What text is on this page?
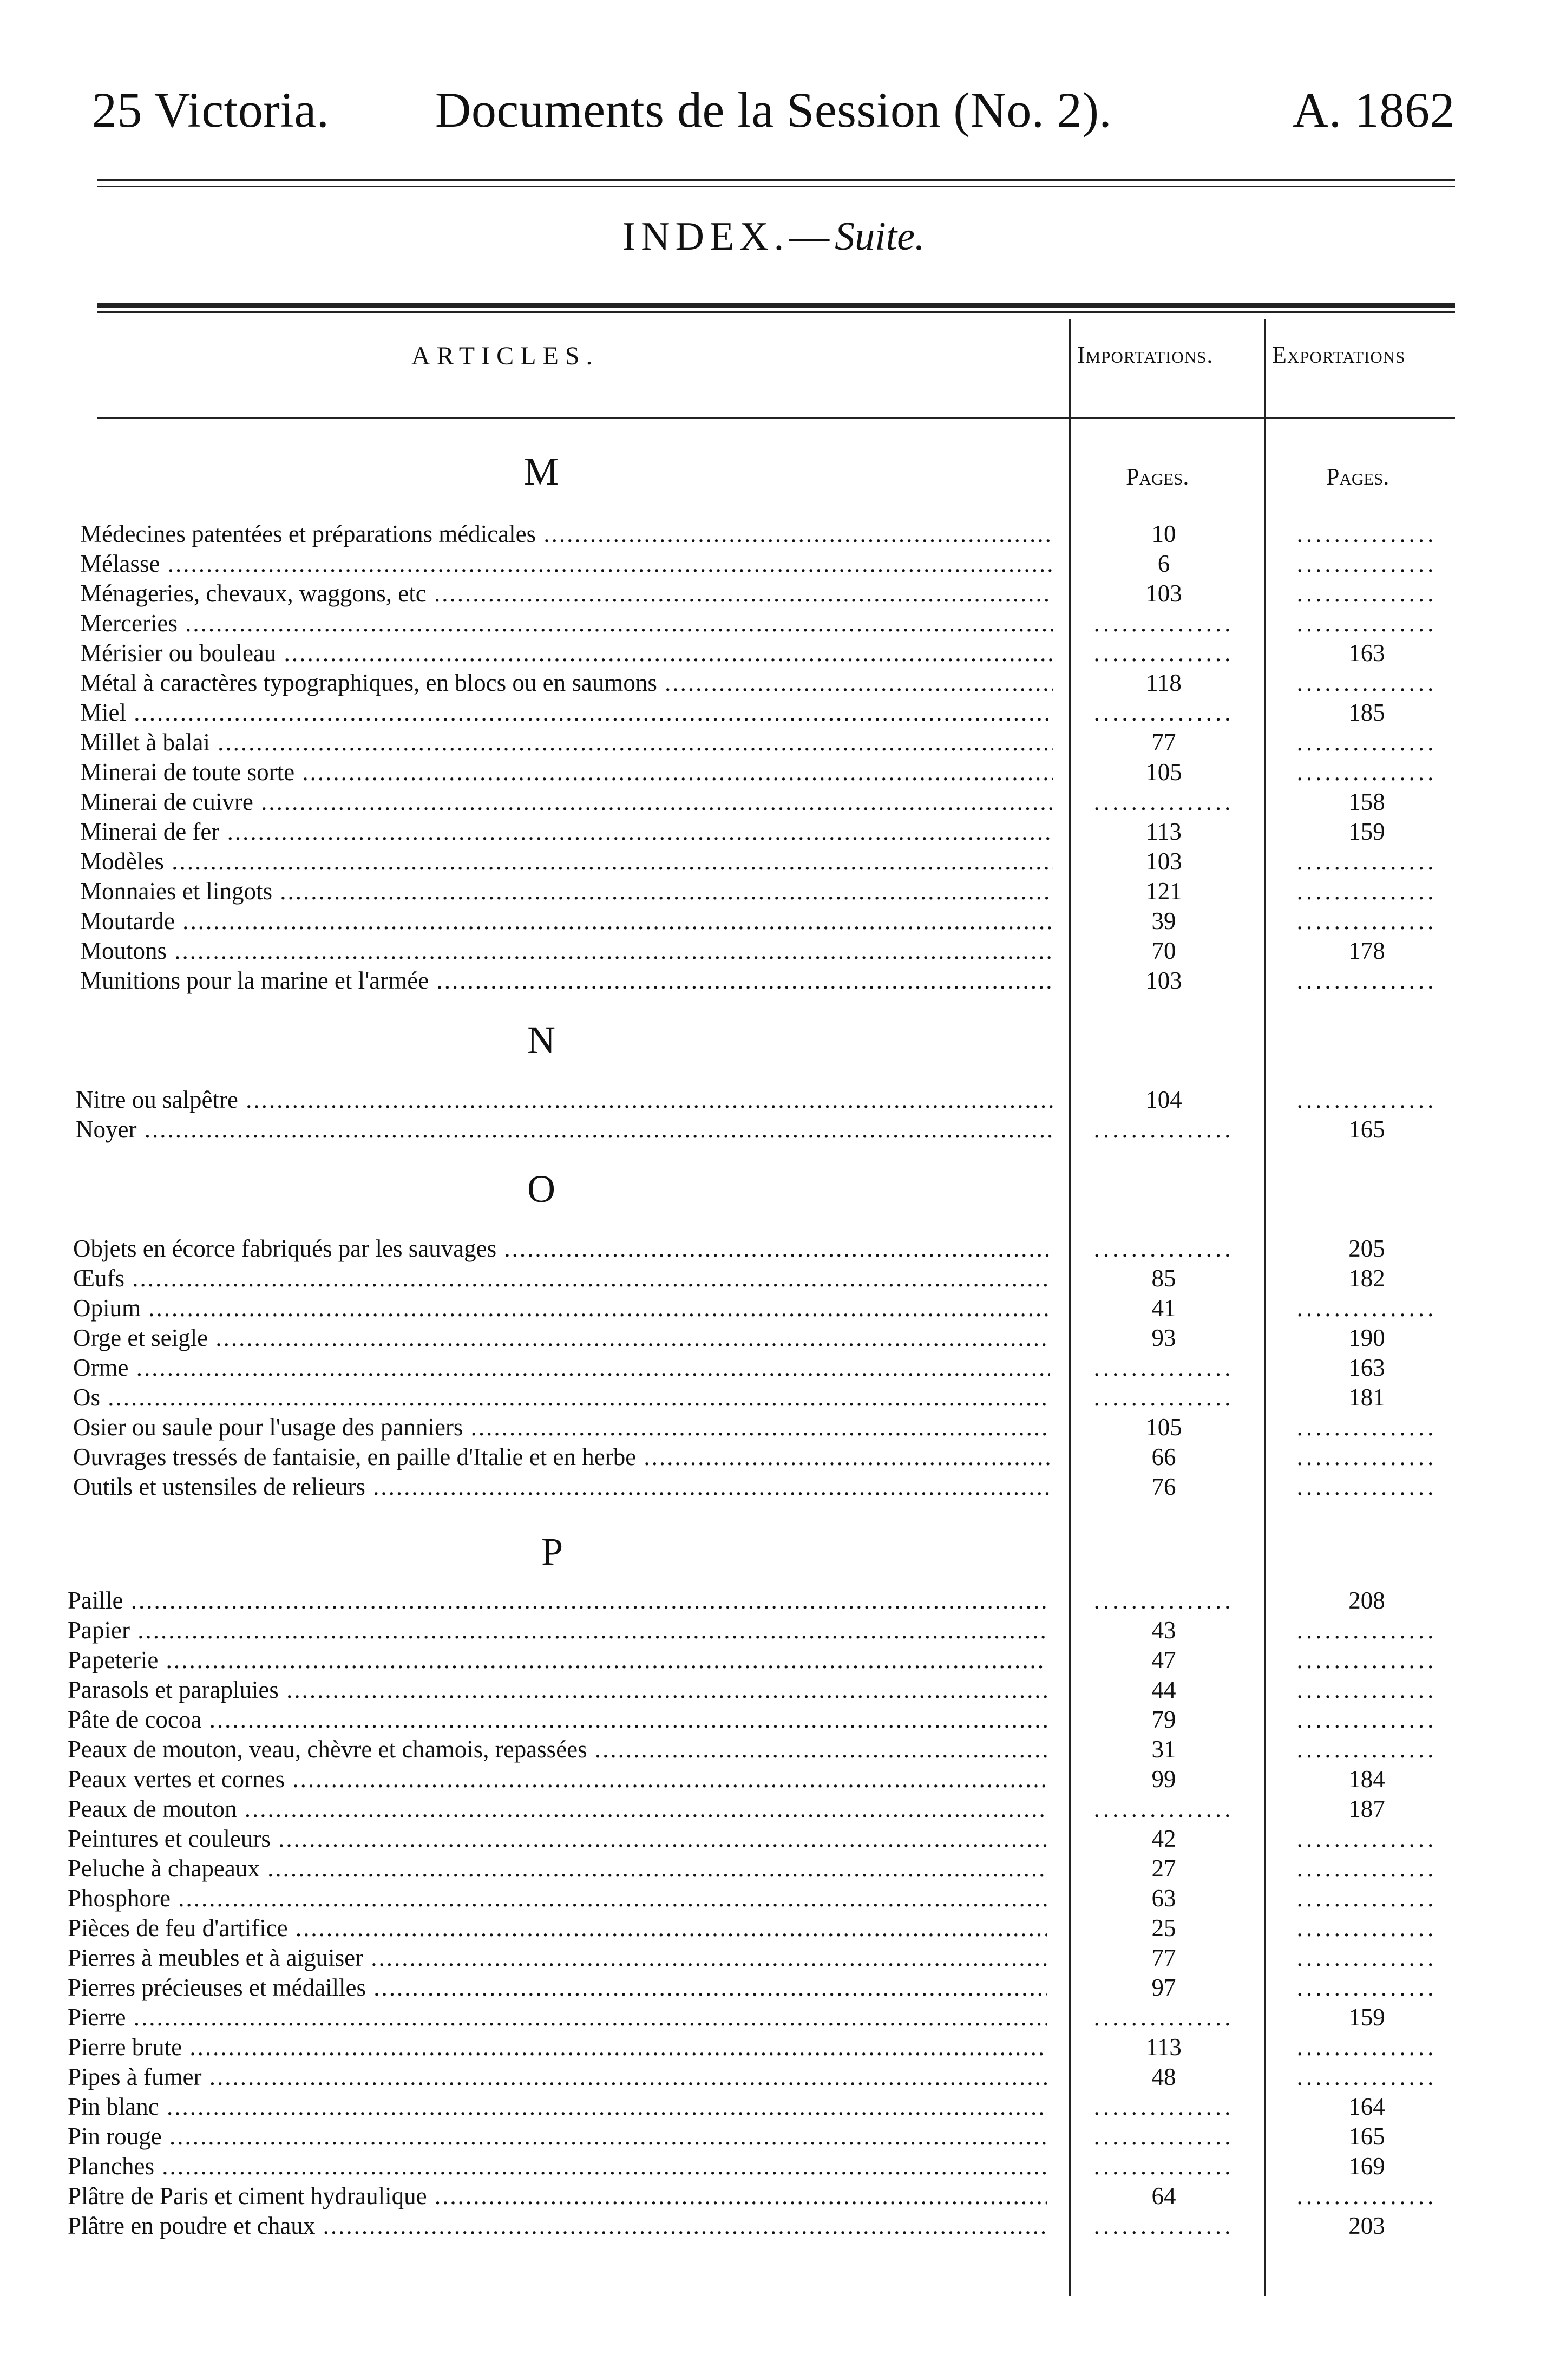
25 Victoria.	Documents de la Session (No. 2).	A. 1862
INDEX.—Suite.
ARTICLES.	Importations. Exportations
Pages.	Pages.
M
Médecines patentées et préparations médicales .....	10	...............
Mélasse .....	6	...............
Ménageries, chevaux, waggons, etc .....	103	...............
Merceries .....	...............	...............
Mérisier ou bouleau .....	...............	163
Métal à caractères typographiques, en blocs ou en saumons .....	118	...............
Miel .....	...............	185
Millet à balai .....	77	...............
Minerai de toute sorte .....	105	...............
Minerai de cuivre .....	...............	158
Minerai de fer .....	113	159
Modèles .....	103	...............
Monnaies et lingots .....	121	...............
Moutarde .....	39	...............
Moutons .....	70	178
Munitions pour la marine et l'armée .....	103	...............
N
Nitre ou salpêtre .....	104	...............
Noyer .....	...............	165
O
Objets en écorce fabriqués par les sauvages .....	...............	205
Œufs .....	85	182
Opium .....	41	...............
Orge et seigle .....	93	190
Orme .....	...............	163
Os .....	...............	181
Osier ou saule pour l'usage des panniers .....	105	...............
Ouvrages tressés de fantaisie, en paille d'Italie et en herbe .....	66	...............
Outils et ustensiles de relieurs .....	76	...............
P
Paille .....	...............	208
Papier .....	43	...............
Papeterie .....	47	...............
Parasols et parapluies .....	44	...............
Pâte de cocoa .....	79	...............
Peaux de mouton, veau, chèvre et chamois, repassées .....	31	...............
Peaux vertes et cornes .....	99	184
Peaux de mouton .....	...............	187
Peintures et couleurs .....	42	...............
Peluche à chapeaux .....	27	...............
Phosphore .....	63	...............
Pièces de feu d'artifice .....	25	...............
Pierres à meubles et à aiguiser .....	77	...............
Pierres précieuses et médailles .....	97	...............
Pierre .....	...............	159
Pierre brute .....	113	...............
Pipes à fumer .....	48	...............
Pin blanc .....	...............	164
Pin rouge .....	...............	165
Planches .....	...............	169
Plâtre de Paris et ciment hydraulique .....	64	...............
Plâtre en poudre et chaux .....	...............	203
